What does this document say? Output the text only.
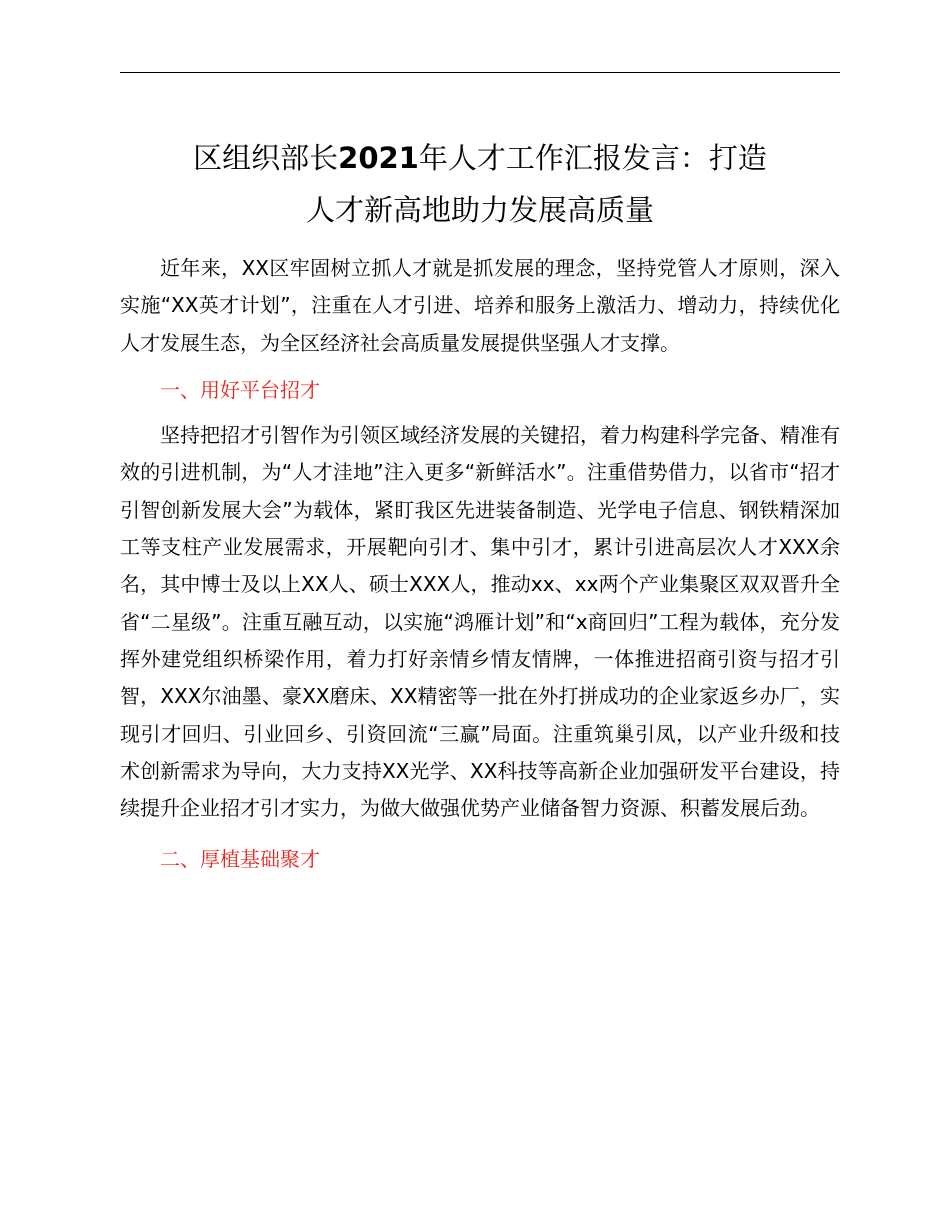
区组织部长2021年人才工作汇报发言：打造
人才新高地助力发展高质量

近年来，XX区牢固树立抓人才就是抓发展的理念，坚持党管人才原则，深入实施“XX英才计划”，注重在人才引进、培养和服务上激活力、增动力，持续优化人才发展生态，为全区经济社会高质量发展提供坚强人才支撑。

一、用好平台招才

坚持把招才引智作为引领区域经济发展的关键招，着力构建科学完备、精准有效的引进机制，为“人才洼地”注入更多“新鲜活水”。注重借势借力，以省市“招才引智创新发展大会”为载体，紧盯我区先进装备制造、光学电子信息、钢铁精深加工等支柱产业发展需求，开展靶向引才、集中引才，累计引进高层次人才XXX余名，其中博士及以上XX人、硕士XXX人，推动xx、xx两个产业集聚区双双晋升全省“二星级”。注重互融互动，以实施“鸿雁计划”和“x商回归”工程为载体，充分发挥外建党组织桥梁作用，着力打好亲情乡情友情牌，一体推进招商引资与招才引智，XXX尔油墨、豪XX磨床、XX精密等一批在外打拼成功的企业家返乡办厂，实现引才回归、引业回乡、引资回流“三赢”局面。注重筑巢引凤，以产业升级和技术创新需求为导向，大力支持XX光学、XX科技等高新企业加强研发平台建设，持续提升企业招才引才实力，为做大做强优势产业储备智力资源、积蓄发展后劲。

二、厚植基础聚才
